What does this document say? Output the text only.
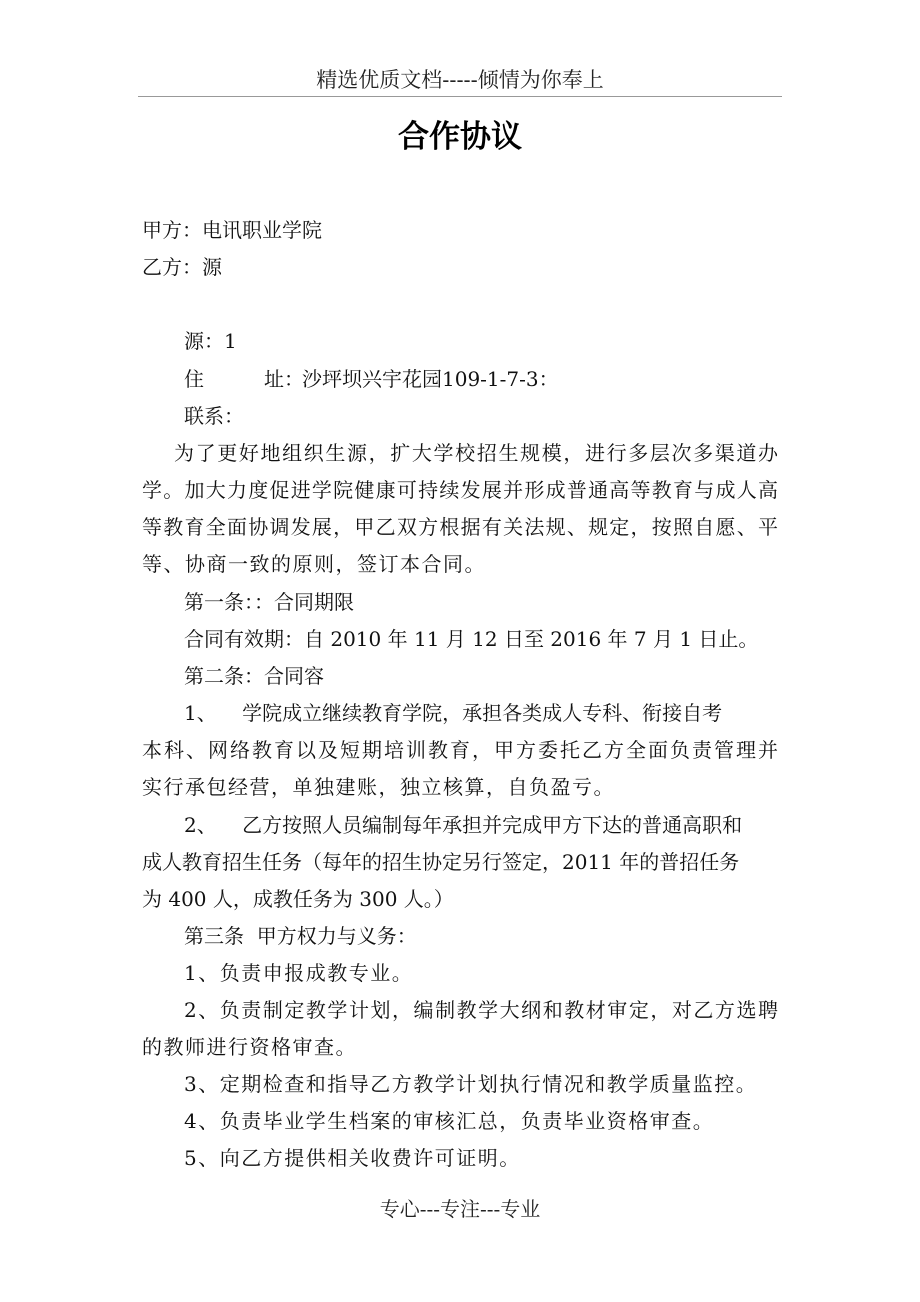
精选优质文档-----倾情为你奉上
合作协议
甲方：电讯职业学院
乙方：源
源：1
住	址：
沙坪坝兴宇花园109-1-7-3：
联系：
为了更好地组织生源，扩大学校招生规模，进行多层次多渠道办
学。加大力度促进学院健康可持续发展并形成普通高等教育与成人高
等教育全面协调发展，甲乙双方根据有关法规、规定，按照自愿、平
等、协商一致的原则，签订本合同。
第一条：：合同期限
合同有效期：自 2010 年 11 月 12 日至 2016 年 7 月 1 日止。
第二条：合同容
1、    学院成立继续教育学院，承担各类成人专科、衔接自考
本科、网络教育以及短期培训教育，甲方委托乙方全面负责管理并
实行承包经营，单独建账，独立核算，自负盈亏。
2、    乙方按照人员编制每年承担并完成甲方下达的普通高职和
成人教育招生任务（每年的招生协定另行签定，2011 年的普招任务
为 400 人，成教任务为 300 人。）
第三条  甲方权力与义务：
1、负责申报成教专业。
2、负责制定教学计划，编制教学大纲和教材审定，对乙方选聘
的教师进行资格审查。
3、定期检查和指导乙方教学计划执行情况和教学质量监控。
4、负责毕业学生档案的审核汇总，负责毕业资格审查。
5、向乙方提供相关收费许可证明。
专心---专注---专业
